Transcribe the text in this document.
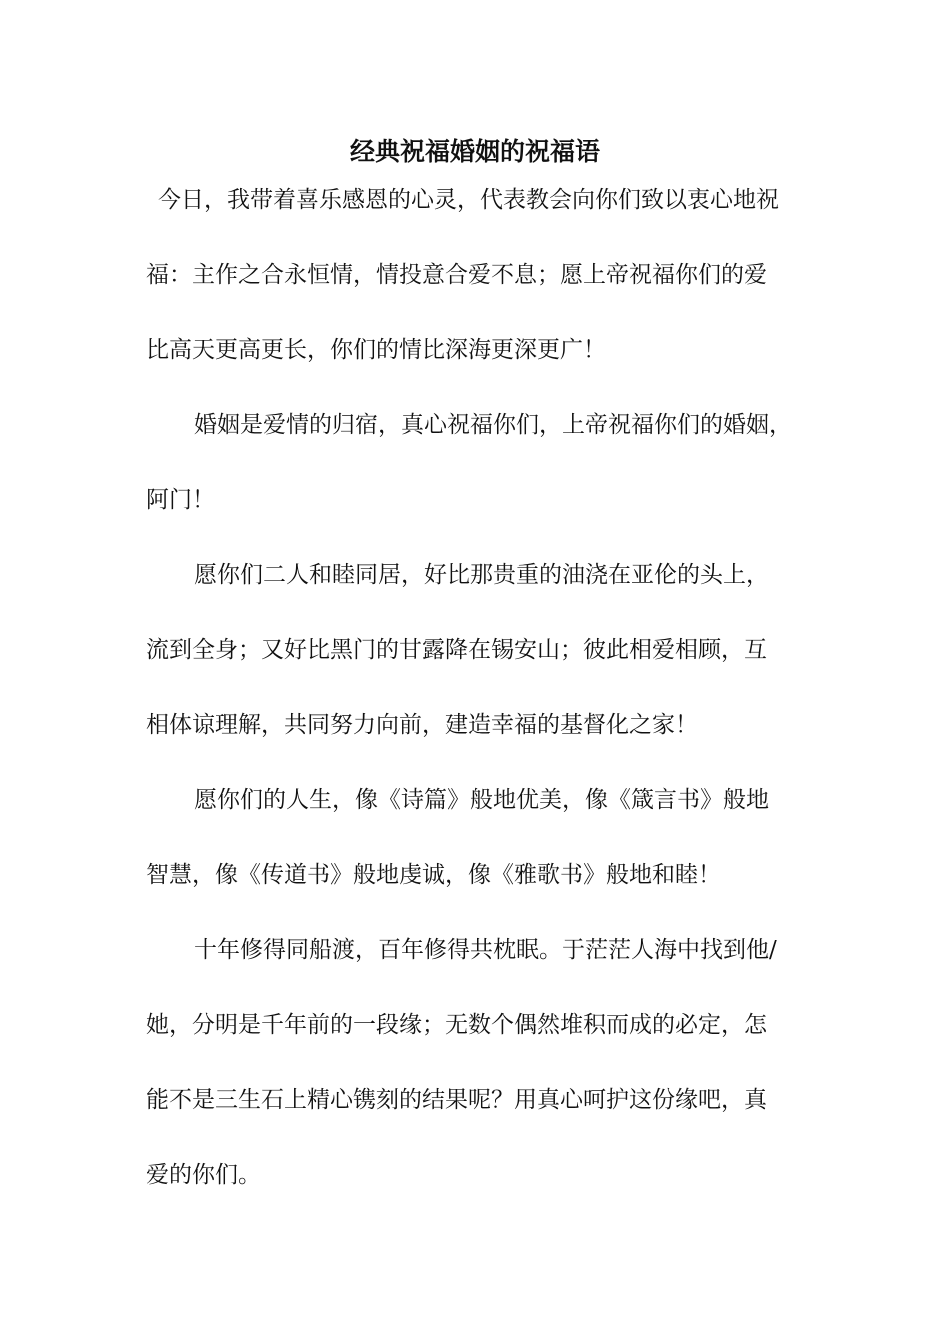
经典祝福婚姻的祝福语
今日，我带着喜乐感恩的心灵，代表教会向你们致以衷心地祝
福：主作之合永恒情，情投意合爱不息；愿上帝祝福你们的爱
比高天更高更长，你们的情比深海更深更广！
婚姻是爱情的归宿，真心祝福你们，上帝祝福你们的婚姻，
阿门！
愿你们二人和睦同居，好比那贵重的油浇在亚伦的头上，
流到全身；又好比黑门的甘露降在锡安山；彼此相爱相顾，互
相体谅理解，共同努力向前，建造幸福的基督化之家！
愿你们的人生，像《诗篇》般地优美，像《箴言书》般地
智慧，像《传道书》般地虔诚，像《雅歌书》般地和睦！
十年修得同船渡，百年修得共枕眠。于茫茫人海中找到他/
她，分明是千年前的一段缘；无数个偶然堆积而成的必定，怎
能不是三生石上精心镌刻的结果呢？用真心呵护这份缘吧，真
爱的你们。
